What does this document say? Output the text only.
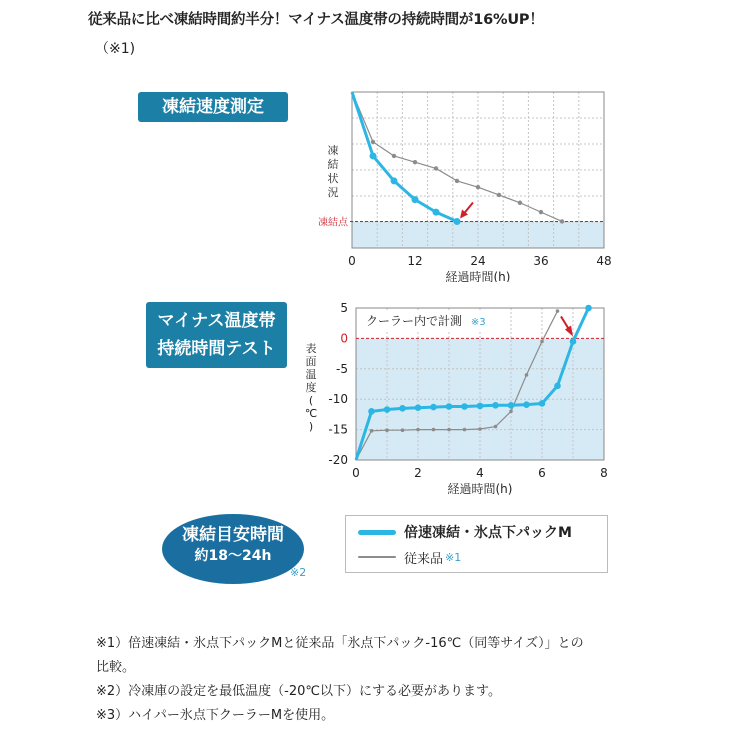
従来品に比べ凍結時間約半分！マイナス温度帯の持続時間が16%UP！
（※1)
凍結速度測定
凍結点
凍
結
状
況
0	12	24	36	48
経過時間(h)
マイナス温度帯
持続時間テスト
5
0
-5
-10
-15
-20
0	2	4	6	8
表
面
温
度
(
℃
)
経過時間(h)
クーラー内で計測 ※3
凍結目安時間
約18〜24h
※2
倍速凍結・氷点下パックM
従来品 ※1
※1）倍速凍結・氷点下パックMと従来品「氷点下パック-16℃（同等サイズ）」との
比較。
※2）冷凍庫の設定を最低温度（-20℃以下）にする必要があります。
※3）ハイパー氷点下クーラーMを使用。
